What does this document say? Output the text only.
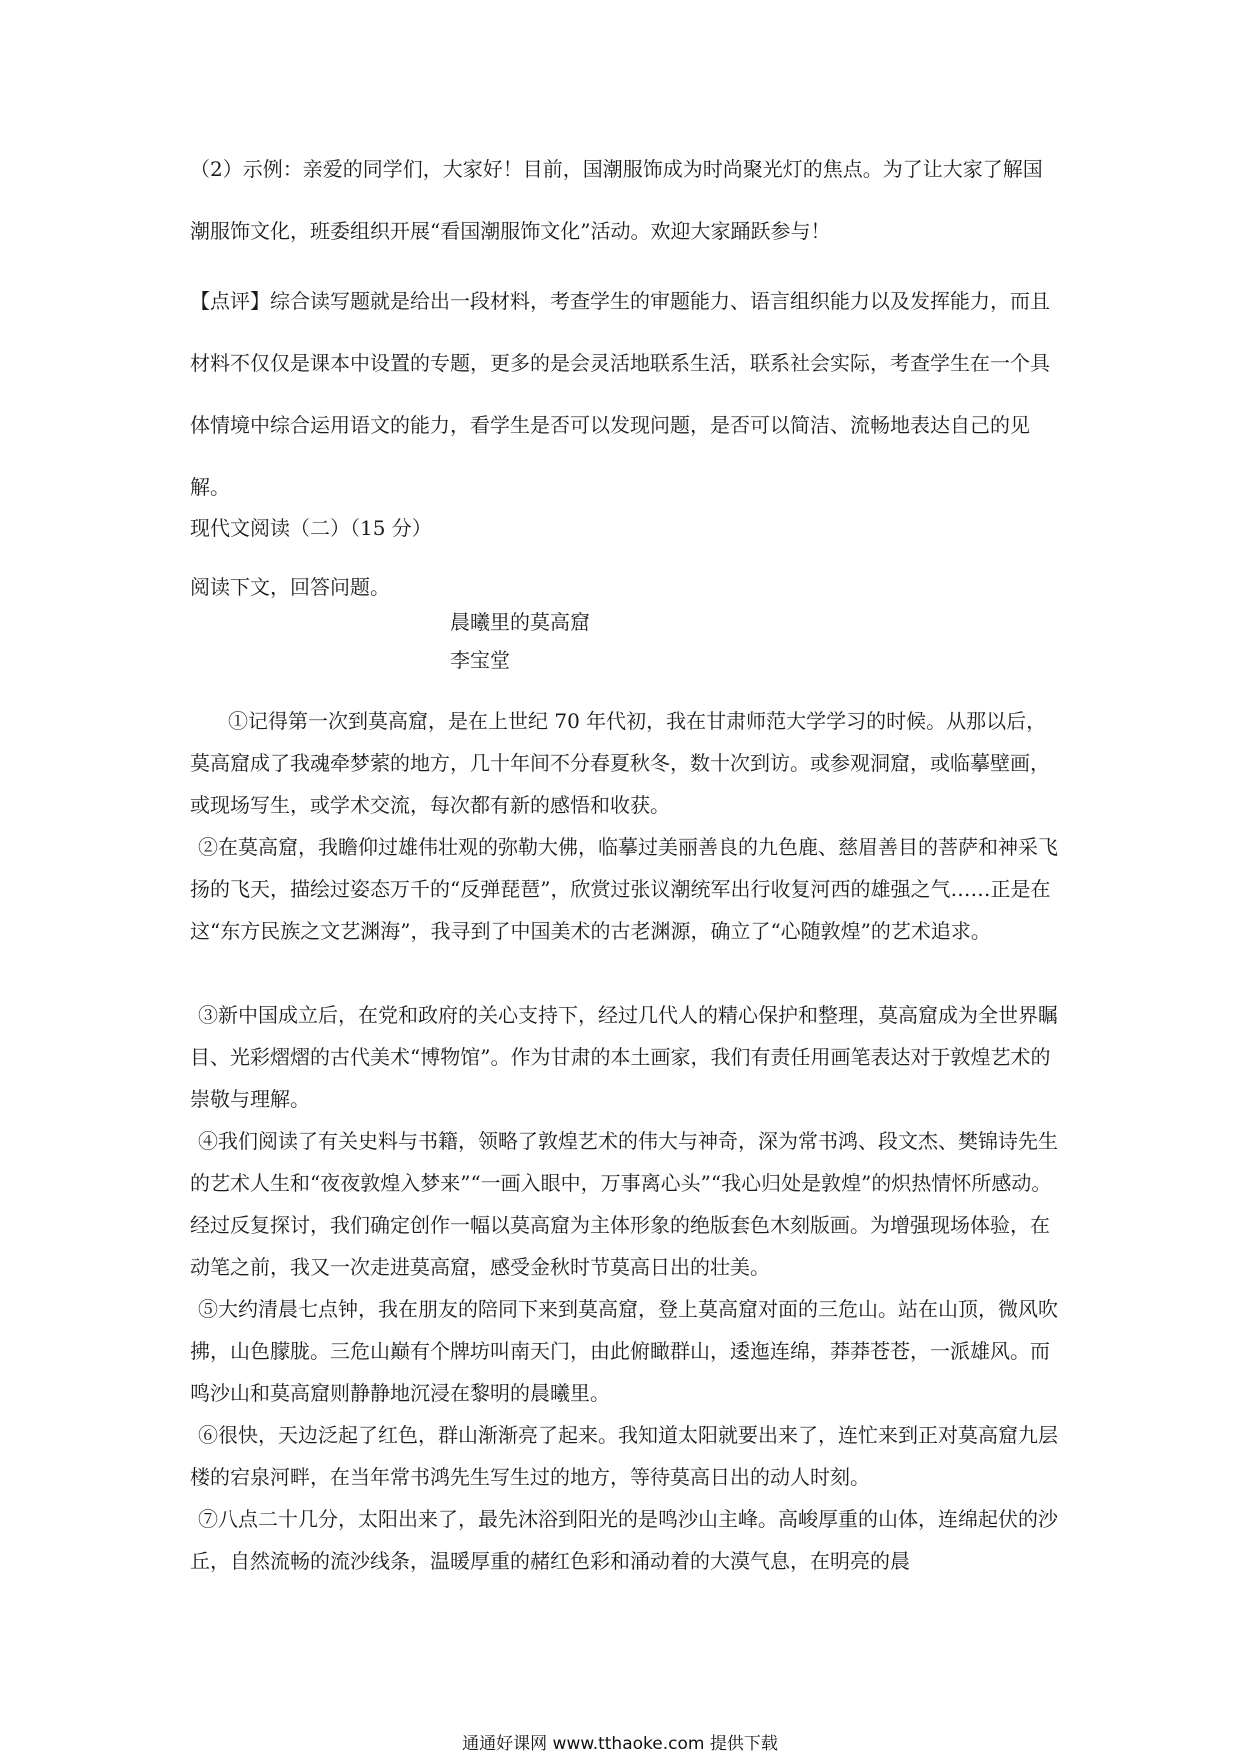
（2）示例：亲爱的同学们，大家好！目前，国潮服饰成为时尚聚光灯的焦点。为了让大家了解国潮服饰文化，班委组织开展“看国潮服饰文化”活动。欢迎大家踊跃参与！

【点评】综合读写题就是给出一段材料，考查学生的审题能力、语言组织能力以及发挥能力，而且材料不仅仅是课本中设置的专题，更多的是会灵活地联系生活，联系社会实际，考查学生在一个具体情境中综合运用语文的能力，看学生是否可以发现问题，是否可以简洁、流畅地表达自己的见解。

现代文阅读（二）（15 分）

阅读下文，回答问题。

晨曦里的莫高窟

李宝堂

①记得第一次到莫高窟，是在上世纪 70 年代初，我在甘肃师范大学学习的时候。从那以后，莫高窟成了我魂牵梦萦的地方，几十年间不分春夏秋冬，数十次到访。或参观洞窟，或临摹壁画，或现场写生，或学术交流，每次都有新的感悟和收获。

②在莫高窟，我瞻仰过雄伟壮观的弥勒大佛，临摹过美丽善良的九色鹿、慈眉善目的菩萨和神采飞扬的飞天，描绘过姿态万千的“反弹琵琶”，欣赏过张议潮统军出行收复河西的雄强之气……正是在这“东方民族之文艺渊海”，我寻到了中国美术的古老渊源，确立了“心随敦煌”的艺术追求。

③新中国成立后，在党和政府的关心支持下，经过几代人的精心保护和整理，莫高窟成为全世界瞩目、光彩熠熠的古代美术“博物馆”。作为甘肃的本土画家，我们有责任用画笔表达对于敦煌艺术的崇敬与理解。

④我们阅读了有关史料与书籍，领略了敦煌艺术的伟大与神奇，深为常书鸿、段文杰、樊锦诗先生的艺术人生和“夜夜敦煌入梦来”“一画入眼中，万事离心头”“我心归处是敦煌”的炽热情怀所感动。经过反复探讨，我们确定创作一幅以莫高窟为主体形象的绝版套色木刻版画。为增强现场体验，在动笔之前，我又一次走进莫高窟，感受金秋时节莫高日出的壮美。

⑤大约清晨七点钟，我在朋友的陪同下来到莫高窟，登上莫高窟对面的三危山。站在山顶，微风吹拂，山色朦胧。三危山巅有个牌坊叫南天门，由此俯瞰群山，逶迤连绵，莽莽苍苍，一派雄风。而鸣沙山和莫高窟则静静地沉浸在黎明的晨曦里。

⑥很快，天边泛起了红色，群山渐渐亮了起来。我知道太阳就要出来了，连忙来到正对莫高窟九层楼的宕泉河畔，在当年常书鸿先生写生过的地方，等待莫高日出的动人时刻。

⑦八点二十几分，太阳出来了，最先沐浴到阳光的是鸣沙山主峰。高峻厚重的山体，连绵起伏的沙丘，自然流畅的流沙线条，温暖厚重的赭红色彩和涌动着的大漠气息，在明亮的晨

通通好课网 www.tthaoke.com 提供下载
